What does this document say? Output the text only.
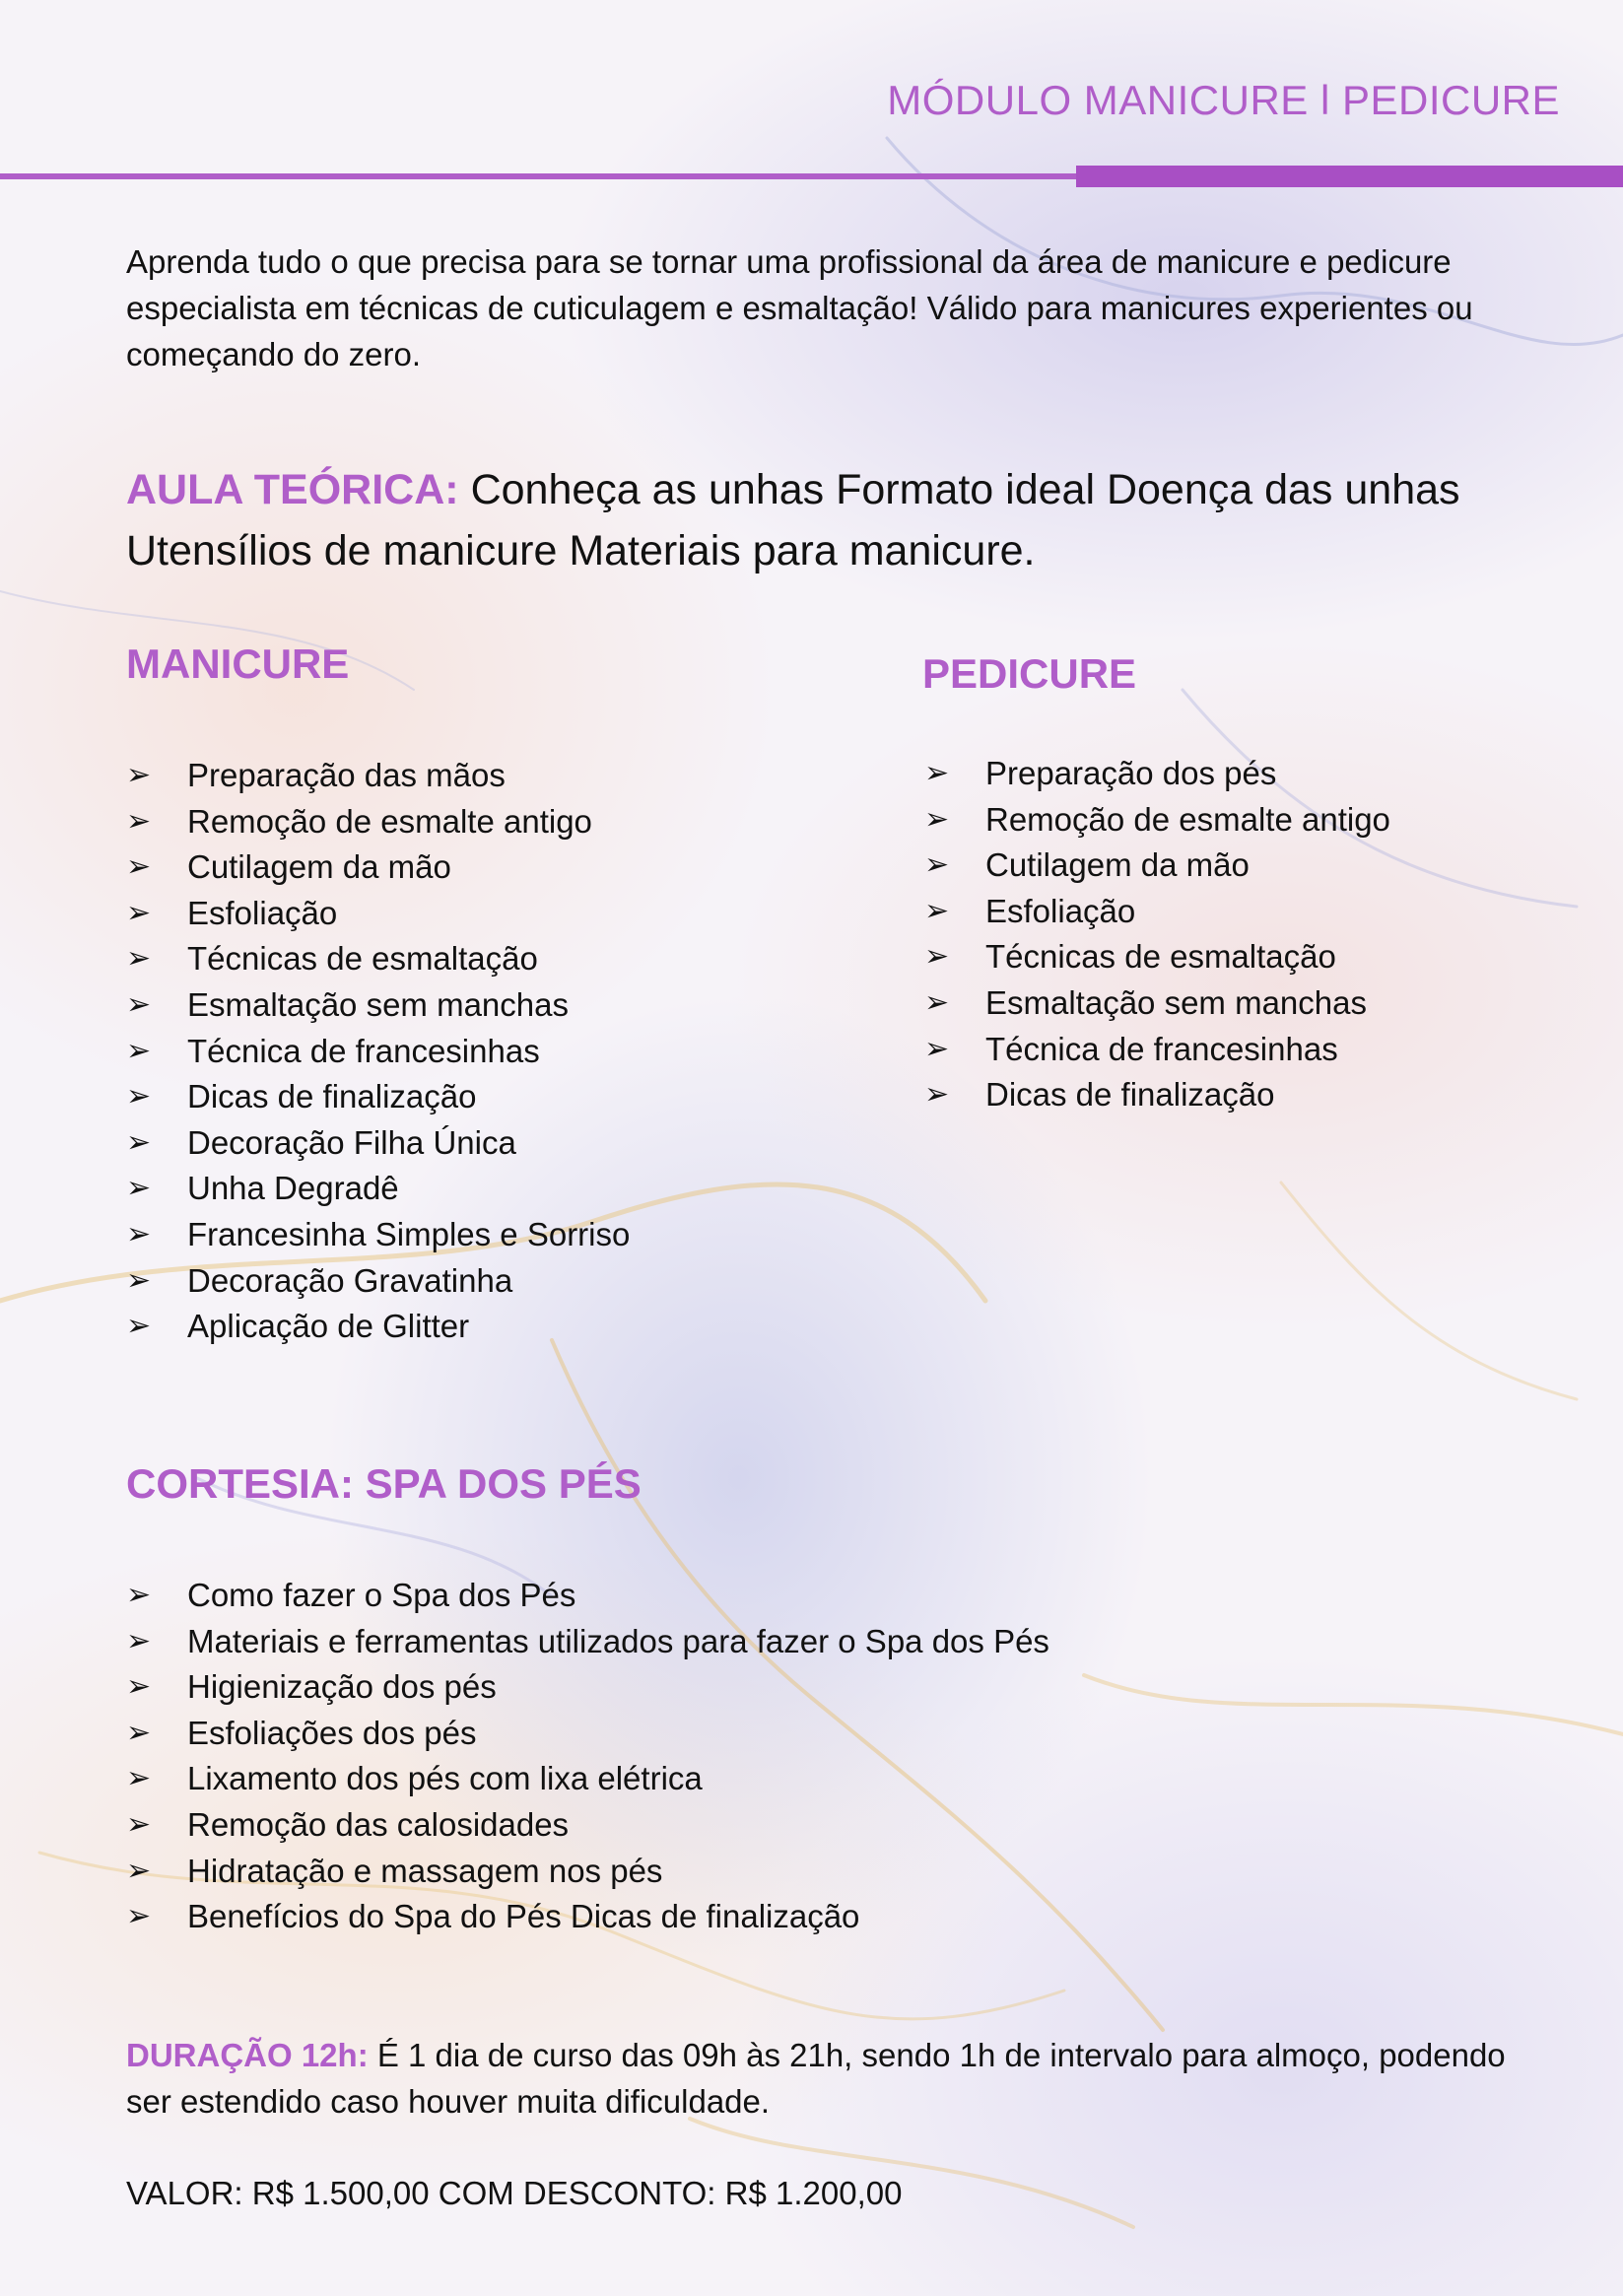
MÓDULO MANICURE l PEDICURE
Aprenda tudo o que precisa para se tornar uma profissional da área de manicure e pedicure especialista em técnicas de cuticulagem e esmaltação! Válido para manicures experientes ou começando do zero.
AULA TEÓRICA: Conheça as unhas Formato ideal Doença das unhas Utensílios de manicure Materiais para manicure.
MANICURE
➢ Preparação das mãos
➢ Remoção de esmalte antigo
➢ Cutilagem da mão
➢ Esfoliação
➢ Técnicas de esmaltação
➢ Esmaltação sem manchas
➢ Técnica de francesinhas
➢ Dicas de finalização
➢ Decoração Filha Única
➢ Unha Degradê
➢ Francesinha Simples e Sorriso
➢ Decoração Gravatinha
➢ Aplicação de Glitter
PEDICURE
➢ Preparação dos pés
➢ Remoção de esmalte antigo
➢ Cutilagem da mão
➢ Esfoliação
➢ Técnicas de esmaltação
➢ Esmaltação sem manchas
➢ Técnica de francesinhas
➢ Dicas de finalização
CORTESIA: SPA DOS PÉS
➢ Como fazer o Spa dos Pés
➢ Materiais e ferramentas utilizados para fazer o Spa dos Pés
➢ Higienização dos pés
➢ Esfoliações dos pés
➢ Lixamento dos pés com lixa elétrica
➢ Remoção das calosidades
➢ Hidratação e massagem nos pés
➢ Benefícios do Spa do Pés Dicas de finalização
DURAÇÃO 12h: É 1 dia de curso das 09h às 21h, sendo 1h de intervalo para almoço, podendo ser estendido caso houver muita dificuldade.
VALOR: R$ 1.500,00 COM DESCONTO: R$ 1.200,00
